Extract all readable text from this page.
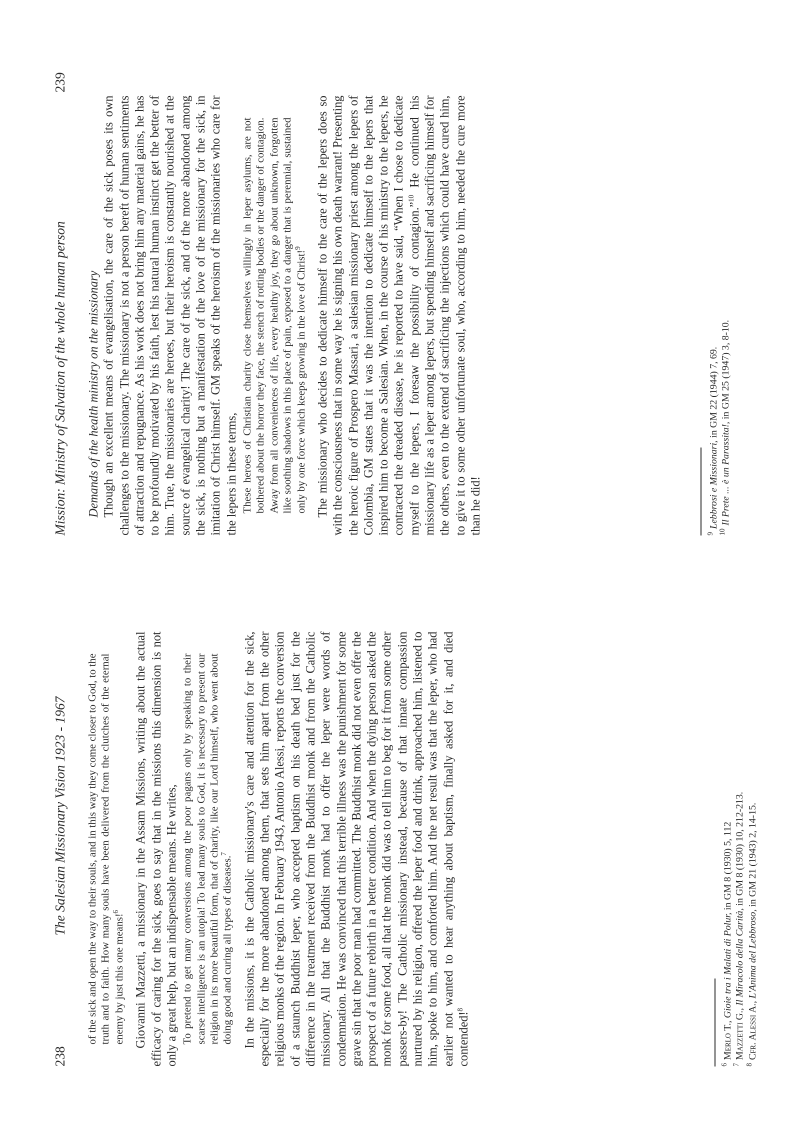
238
The Salesian Missionary Vision 1923 - 1967 of the sick and open the way to their souls, and in this way they come closer to God, to the truth and to faith. How many souls have been delivered from the clutches of the eternal enemy by just this one means!$^6$	Giovanni Mazzetti, a missionary in the Assam Missions, writing about the actual efficacy of caring for the sick, goes to say that in the missions this dimension is not only a great help, but an indispensable means. He writes, To pretend to get many conversions among the poor pagans only by speaking to their scarse intelligence is an utopia! To lead many souls to God, it is necessary to present our religion in its more beautiful form, that of charity, like our Lord himself, who went about doing good and curing all types of diseases.$^7$	In the missions, it is the Catholic missionary's care and attention for the sick, especially for the more abandoned among them, that sets him apart from the other religious monks of the region. In February 1943, Antonio Alessi, reports the conversion of a staunch Buddhist leper, who accepted baptism on his death bed just for the difference in the treatment received from the Buddhist monk and from the Catholic missionary. All that the Buddhist monk had to offer the leper were words of condemnation. He was convinced that this terrible illness was the punishment for some grave sin that the poor man had committed. The Buddhist monk did not even offer the prospect of a future rebirth in a better condition. And when the dying person asked the monk for some food, all that the monk did was to tell him to beg for it from some other passers-by! The Catholic missionary instead, because of that innate compassion nurtured by his religion, offered the leper food and drink, approached him, listened to him, spoke to him, and comforted him. And the net result was that the leper, who had earlier not wanted to hear anything about baptism, finally asked for it, and died contended!$^8$

$^6$Merlo T., Gioie tra i Malati di Polur, in GM 8 (1930) 5, 112
$^7$Mazzetti G., Il Miracolo della Carità, in GM 8 (1930) 10, 212-213.
$^8$Cfr. Alessi A., L'Anima del Lebbroso, in GM 21 (1943) 2, 14-15.
Mission: Ministry of Salvation of the whole human person
239

Demands of the health ministry on the missionary Though an excellent means of evangelisation, the care of the sick poses its own challenges to the missionary. The missionary is not a person bereft of human sentiments of attraction and repugnance. As his work does not bring him any material gains, he has to be profoundly motivated by his faith, lest his natural human instinct get the better of him. True, the missionaries are heroes, but their heroism is constantly nourished at the source of evangelical charity! The care of the sick, and of the more abandoned among the sick, is nothing but a manifestation of the love of the missionary for the sick, in imitation of Christ himself. GM speaks of the heroism of the missionaries who care for the lepers in these terms, These heroes of Christian charity close themselves willingly in leper asylums, are not bothered about the horror they face, the stench of rotting bodies or the danger of contagion. Away from all conveniences of life, every healthy joy, they go about unknown, forgotten like soothing shadows in this place of pain, exposed to a danger that is perennial, sustained only by one force which keeps growing in the love of Christ!$^9$	The missionary who decides to dedicate himself to the care of the lepers does so with the consciousness that in some way he is signing his own death warrant! Presenting the heroic figure of Prospero Massari, a salesian missionary priest among the lepers of Colombia, GM states that it was the intention to dedicate himself to the lepers that inspired him to become a Salesian. When, in the course of his ministry to the lepers, he contracted the dreaded disease, he is reported to have said, “When I chose to dedicate myself to the lepers, I foresaw the possibility of contagion.”$^{10}$ He continued his missionary life as a leper among lepers, but spending himself and sacrificing himself for the others, even to the extend of sacrificing the injections which could have cured him, to give it to some other unfortunate soul, who, according to him, needed the cure more than he did!	$^9$Lebbrosi e Missionari, in GM 22 (1944) 7, 69.
$^{10}$Il Prete ... è un Parassita!, in GM 25 (1947) 3, 8-10.
